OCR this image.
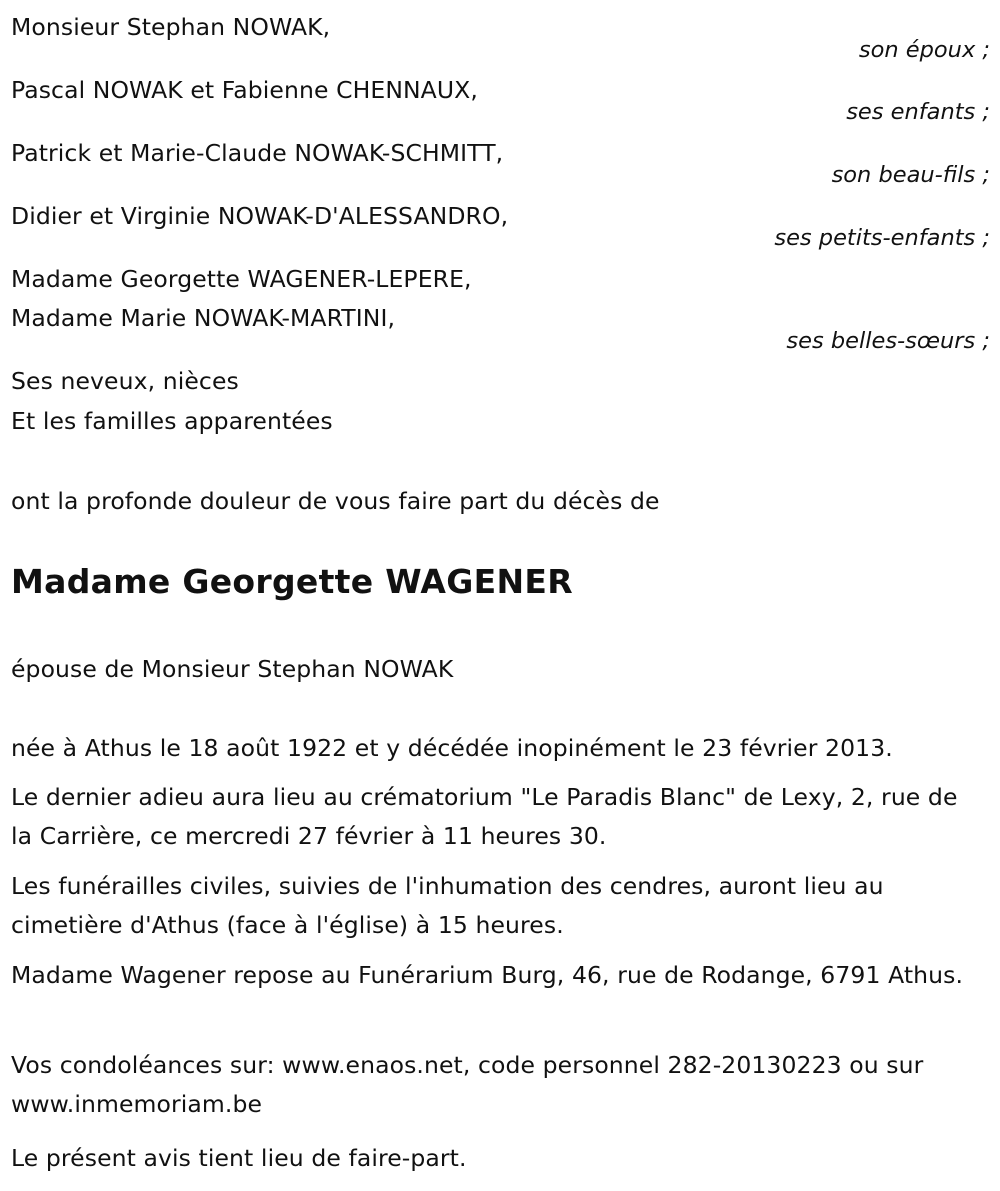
Monsieur Stephan NOWAK,
son époux ;
Pascal NOWAK et Fabienne CHENNAUX,
ses enfants ;
Patrick et Marie-Claude NOWAK-SCHMITT,
son beau-fils ;
Didier et Virginie NOWAK-D'ALESSANDRO,
ses petits-enfants ;
Madame Georgette WAGENER-LEPERE,
Madame Marie NOWAK-MARTINI,
ses belles-sœurs ;
Ses neveux, nièces
Et les familles apparentées
ont la profonde douleur de vous faire part du décès de
Madame Georgette WAGENER
épouse de Monsieur Stephan NOWAK
née à Athus le 18 août 1922 et y décédée inopinément le 23 février 2013.
Le dernier adieu aura lieu au crématorium "Le Paradis Blanc" de Lexy, 2, rue de la Carrière, ce mercredi 27 février à 11 heures 30.
Les funérailles civiles, suivies de l'inhumation des cendres, auront lieu au cimetière d'Athus (face à l'église) à 15 heures.
Madame Wagener repose au Funérarium Burg, 46, rue de Rodange, 6791 Athus.
Vos condoléances sur: www.enaos.net, code personnel 282-20130223 ou sur www.inmemoriam.be
Le présent avis tient lieu de faire-part.
